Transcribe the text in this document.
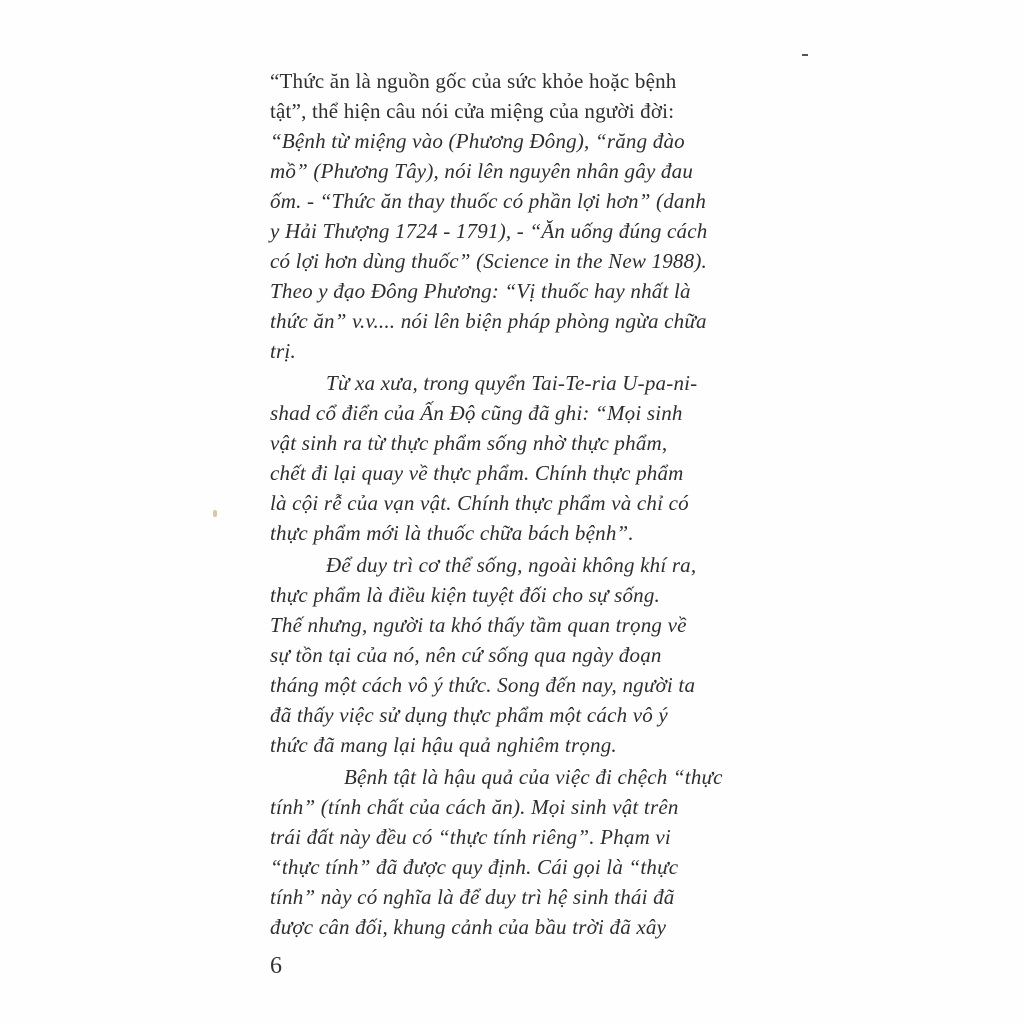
“Thức ăn là nguồn gốc của sức khỏe hoặc bệnh
tật”, thể hiện câu nói cửa miệng của người đời:
“Bệnh từ miệng vào (Phương Đông), “răng đào
mồ” (Phương Tây), nói lên nguyên nhân gây đau
ốm. - “Thức ăn thay thuốc có phần lợi hơn” (danh
y Hải Thượng 1724 - 1791), - “Ăn uống đúng cách
có lợi hơn dùng thuốc” (Science in the New 1988).
Theo y đạo Đông Phương: “Vị thuốc hay nhất là
thức ăn” v.v.... nói lên biện pháp phòng ngừa chữa
trị.
Từ xa xưa, trong quyển Tai-Te-ria U-pa-ni-
shad cổ điển của Ấn Độ cũng đã ghi: “Mọi sinh
vật sinh ra từ thực phẩm sống nhờ thực phẩm,
chết đi lại quay về thực phẩm. Chính thực phẩm
là cội rễ của vạn vật. Chính thực phẩm và chỉ có
thực phẩm mới là thuốc chữa bách bệnh”.
Để duy trì cơ thể sống, ngoài không khí ra,
thực phẩm là điều kiện tuyệt đối cho sự sống.
Thế nhưng, người ta khó thấy tầm quan trọng về
sự tồn tại của nó, nên cứ sống qua ngày đoạn
tháng một cách vô ý thức. Song đến nay, người ta
đã thấy việc sử dụng thực phẩm một cách vô ý
thức đã mang lại hậu quả nghiêm trọng.
Bệnh tật là hậu quả của việc đi chệch “thực
tính” (tính chất của cách ăn). Mọi sinh vật trên
trái đất này đều có “thực tính riêng”. Phạm vi
“thực tính” đã được quy định. Cái gọi là “thực
tính” này có nghĩa là để duy trì hệ sinh thái đã
được cân đối, khung cảnh của bầu trời đã xây
6
